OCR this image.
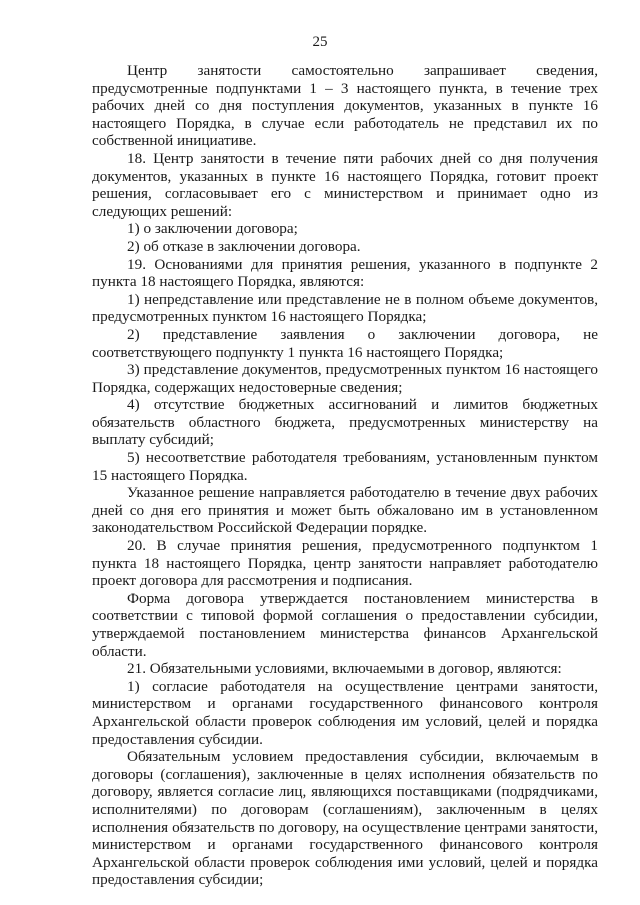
25

Центр занятости самостоятельно запрашивает сведения, предусмотренные подпунктами 1 – 3 настоящего пункта, в течение трех рабочих дней со дня поступления документов, указанных в пункте 16 настоящего Порядка, в случае если работодатель не представил их по собственной инициативе.

18. Центр занятости в течение пяти рабочих дней со дня получения документов, указанных в пункте 16 настоящего Порядка, готовит проект решения, согласовывает его с министерством и принимает одно из следующих решений:

1) о заключении договора;

2) об отказе в заключении договора.

19. Основаниями для принятия решения, указанного в подпункте 2 пункта 18 настоящего Порядка, являются:

1) непредставление или представление не в полном объеме документов, предусмотренных пунктом 16 настоящего Порядка;

2) представление заявления о заключении договора, не соответствующего подпункту 1 пункта 16 настоящего Порядка;

3) представление документов, предусмотренных пунктом 16 настоящего Порядка, содержащих недостоверные сведения;

4) отсутствие бюджетных ассигнований и лимитов бюджетных обязательств областного бюджета, предусмотренных министерству на выплату субсидий;

5) несоответствие работодателя требованиям, установленным пунктом 15 настоящего Порядка.

Указанное решение направляется работодателю в течение двух рабочих дней со дня его принятия и может быть обжаловано им в установленном законодательством Российской Федерации порядке.

20. В случае принятия решения, предусмотренного подпунктом 1 пункта 18 настоящего Порядка, центр занятости направляет работодателю проект договора для рассмотрения и подписания.

Форма договора утверждается постановлением министерства в соответствии с типовой формой соглашения о предоставлении субсидии, утверждаемой постановлением министерства финансов Архангельской области.

21. Обязательными условиями, включаемыми в договор, являются:

1) согласие работодателя на осуществление центрами занятости, министерством и органами государственного финансового контроля Архангельской области проверок соблюдения им условий, целей и порядка предоставления субсидии.

Обязательным условием предоставления субсидии, включаемым в договоры (соглашения), заключенные в целях исполнения обязательств по договору, является согласие лиц, являющихся поставщиками (подрядчиками, исполнителями) по договорам (соглашениям), заключенным в целях исполнения обязательств по договору, на осуществление центрами занятости, министерством и органами государственного финансового контроля Архангельской области проверок соблюдения ими условий, целей и порядка предоставления субсидии;
